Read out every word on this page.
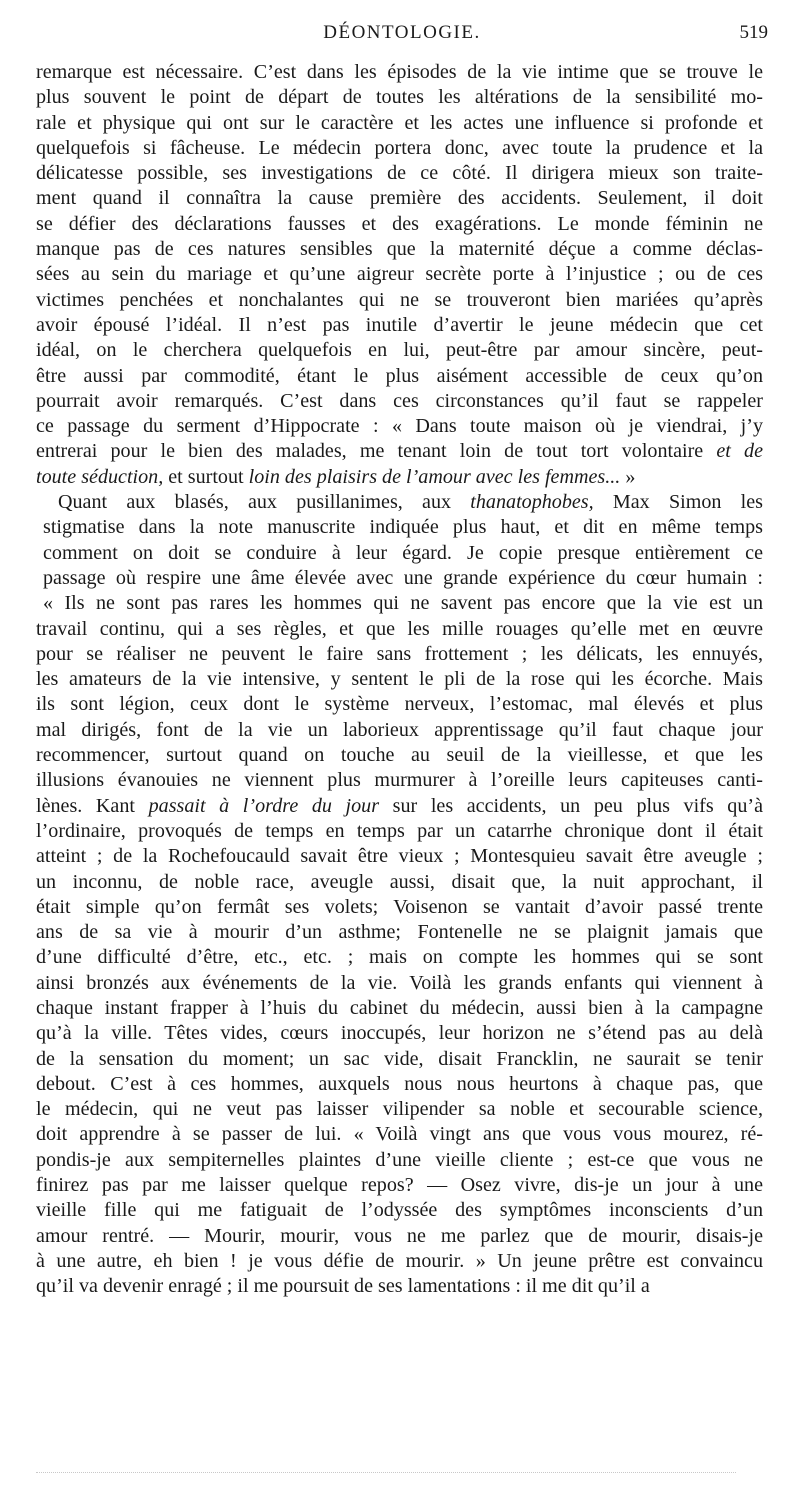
DÉONTOLOGIE.	519
remarque est nécessaire. C’est dans les épisodes de la vie intime que se trouve le
plus souvent le point de départ de toutes les altérations de la sensibilité mo-
rale et physique qui ont sur le caractère et les actes une influence si profonde et
quelquefois si fâcheuse. Le médecin portera donc, avec toute la prudence et la
délicatesse possible, ses investigations de ce côté. Il dirigera mieux son traite-
ment quand il connaîtra la cause première des accidents. Seulement, il doit
se défier des déclarations fausses et des exagérations. Le monde féminin ne
manque pas de ces natures sensibles que la maternité déçue a comme déclas-
sées au sein du mariage et qu’une aigreur secrète porte à l’injustice ; ou de ces
victimes penchées et nonchalantes qui ne se trouveront bien mariées qu’après
avoir épousé l’idéal. Il n’est pas inutile d’avertir le jeune médecin que cet
idéal, on le cherchera quelquefois en lui, peut-être par amour sincère, peut-
être aussi par commodité, étant le plus aisément accessible de ceux qu’on
pourrait avoir remarqués. C’est dans ces circonstances qu’il faut se rappeler
ce passage du serment d’Hippocrate : « Dans toute maison où je viendrai, j’y
entrerai pour le bien des malades, me tenant loin de tout tort volontaire et de
toute séduction, et surtout loin des plaisirs de l’amour avec les femmes... »
Quant aux blasés, aux pusillanimes, aux thanatophobes, Max Simon les
stigmatise dans la note manuscrite indiquée plus haut, et dit en même temps
comment on doit se conduire à leur égard. Je copie presque entièrement ce
passage où respire une âme élevée avec une grande expérience du cœur humain :
« Ils ne sont pas rares les hommes qui ne savent pas encore que la vie est un
travail continu, qui a ses règles, et que les mille rouages qu’elle met en œuvre
pour se réaliser ne peuvent le faire sans frottement ; les délicats, les ennuyés,
les amateurs de la vie intensive, y sentent le pli de la rose qui les écorche. Mais
ils sont légion, ceux dont le système nerveux, l’estomac, mal élevés et plus
mal dirigés, font de la vie un laborieux apprentissage qu’il faut chaque jour
recommencer, surtout quand on touche au seuil de la vieillesse, et que les
illusions évanouies ne viennent plus murmurer à l’oreille leurs capiteuses canti-
lènes. Kant passait à l’ordre du jour sur les accidents, un peu plus vifs qu’à
l’ordinaire, provoqués de temps en temps par un catarrhe chronique dont il était
atteint ; de la Rochefoucauld savait être vieux ; Montesquieu savait être aveugle ;
un inconnu, de noble race, aveugle aussi, disait que, la nuit approchant, il
était simple qu’on fermât ses volets; Voisenon se vantait d’avoir passé trente
ans de sa vie à mourir d’un asthme; Fontenelle ne se plaignit jamais que
d’une difficulté d’être, etc., etc. ; mais on compte les hommes qui se sont
ainsi bronzés aux événements de la vie. Voilà les grands enfants qui viennent à
chaque instant frapper à l’huis du cabinet du médecin, aussi bien à la campagne
qu’à la ville. Têtes vides, cœurs inoccupés, leur horizon ne s’étend pas au delà
de la sensation du moment; un sac vide, disait Francklin, ne saurait se tenir
debout. C’est à ces hommes, auxquels nous nous heurtons à chaque pas, que
le médecin, qui ne veut pas laisser vilipender sa noble et secourable science,
doit apprendre à se passer de lui. « Voilà vingt ans que vous vous mourez, ré-
pondis-je aux sempiternelles plaintes d’une vieille cliente ; est-ce que vous ne
finirez pas par me laisser quelque repos? — Osez vivre, dis-je un jour à une
vieille fille qui me fatiguait de l’odyssée des symptômes inconscients d’un
amour rentré. — Mourir, mourir, vous ne me parlez que de mourir, disais-je
à une autre, eh bien ! je vous défie de mourir. » Un jeune prêtre est convaincu
qu’il va devenir enragé ; il me poursuit de ses lamentations : il me dit qu’il a
